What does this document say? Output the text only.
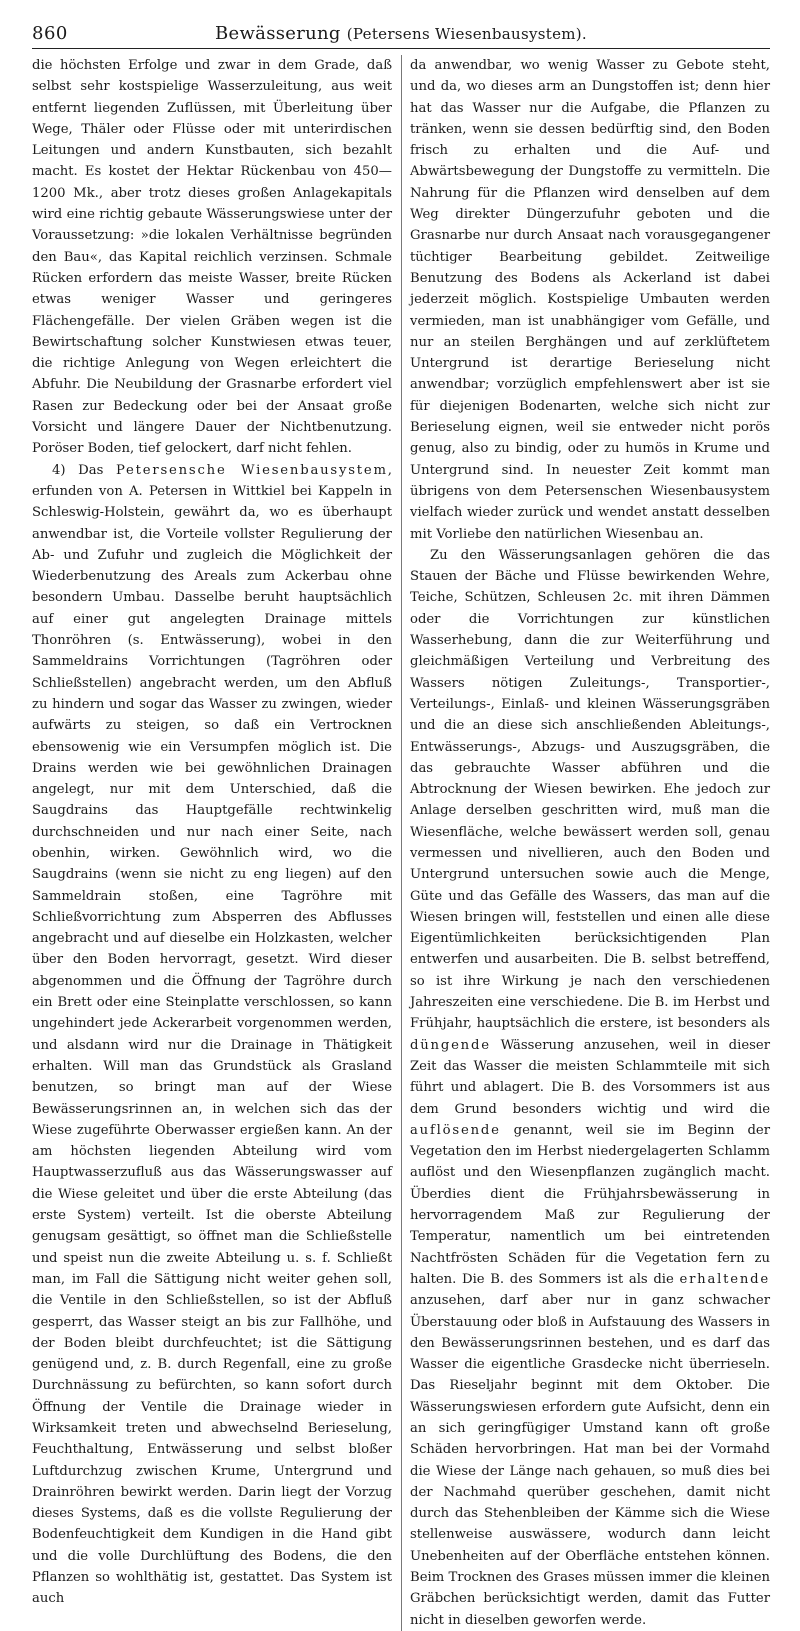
860	Bewässerung (Petersens Wiesenbausystem).

die höchsten Erfolge und zwar in dem Grade, daß selbst sehr kostspielige Wasserzuleitung, aus weit entfernt liegenden Zuflüssen, mit Überleitung über Wege, Thäler oder Flüsse oder mit unterirdischen Leitungen und andern Kunstbauten, sich bezahlt macht. Es kostet der Hektar Rückenbau von 450—1200 Mk., aber trotz dieses großen Anlagekapitals wird eine richtig gebaute Wässerungswiese unter der Voraussetzung: »die lokalen Verhältnisse begründen den Bau«, das Kapital reichlich verzinsen. Schmale Rücken erfordern das meiste Wasser, breite Rücken etwas weniger Wasser und geringeres Flächengefälle. Der vielen Gräben wegen ist die Bewirtschaftung solcher Kunstwiesen etwas teuer, die richtige Anlegung von Wegen erleichtert die Abfuhr. Die Neubildung der Grasnarbe erfordert viel Rasen zur Bedeckung oder bei der Ansaat große Vorsicht und längere Dauer der Nichtbenutzung. Poröser Boden, tief gelockert, darf nicht fehlen.

4) Das Petersensche Wiesenbausystem, erfunden von A. Petersen in Wittkiel bei Kappeln in Schleswig-Holstein, gewährt da, wo es überhaupt anwendbar ist, die Vorteile vollster Regulierung der Ab- und Zufuhr und zugleich die Möglichkeit der Wiederbenutzung des Areals zum Ackerbau ohne besondern Umbau. Dasselbe beruht hauptsächlich auf einer gut angelegten Drainage mittels Thonröhren (s. Entwässerung), wobei in den Sammeldrains Vorrichtungen (Tagröhren oder Schließstellen) angebracht werden, um den Abfluß zu hindern und sogar das Wasser zu zwingen, wieder aufwärts zu steigen, so daß ein Vertrocknen ebensowenig wie ein Versumpfen möglich ist. Die Drains werden wie bei gewöhnlichen Drainagen angelegt, nur mit dem Unterschied, daß die Saugdrains das Hauptgefälle rechtwinkelig durchschneiden und nur nach einer Seite, nach obenhin, wirken. Gewöhnlich wird, wo die Saugdrains (wenn sie nicht zu eng liegen) auf den Sammeldrain stoßen, eine Tagröhre mit Schließvorrichtung zum Absperren des Abflusses angebracht und auf dieselbe ein Holzkasten, welcher über den Boden hervorragt, gesetzt. Wird dieser abgenommen und die Öffnung der Tagröhre durch ein Brett oder eine Steinplatte verschlossen, so kann ungehindert jede Ackerarbeit vorgenommen werden, und alsdann wird nur die Drainage in Thätigkeit erhalten. Will man das Grundstück als Grasland benutzen, so bringt man auf der Wiese Bewässerungsrinnen an, in welchen sich das der Wiese zugeführte Oberwasser ergießen kann. An der am höchsten liegenden Abteilung wird vom Hauptwasserzufluß aus das Wässerungswasser auf die Wiese geleitet und über die erste Abteilung (das erste System) verteilt. Ist die oberste Abteilung genugsam gesättigt, so öffnet man die Schließstelle und speist nun die zweite Abteilung u. s. f. Schließt man, im Fall die Sättigung nicht weiter gehen soll, die Ventile in den Schließstellen, so ist der Abfluß gesperrt, das Wasser steigt an bis zur Fallhöhe, und der Boden bleibt durchfeuchtet; ist die Sättigung genügend und, z. B. durch Regenfall, eine zu große Durchnässung zu befürchten, so kann sofort durch Öffnung der Ventile die Drainage wieder in Wirksamkeit treten und abwechselnd Berieselung, Feuchthaltung, Entwässerung und selbst bloßer Luftdurchzug zwischen Krume, Untergrund und Drainröhren bewirkt werden. Darin liegt der Vorzug dieses Systems, daß es die vollste Regulierung der Bodenfeuchtigkeit dem Kundigen in die Hand gibt und die volle Durchlüftung des Bodens, die den Pflanzen so wohlthätig ist, gestattet. Das System ist auch

da anwendbar, wo wenig Wasser zu Gebote steht, und da, wo dieses arm an Dungstoffen ist; denn hier hat das Wasser nur die Aufgabe, die Pflanzen zu tränken, wenn sie dessen bedürftig sind, den Boden frisch zu erhalten und die Auf- und Abwärtsbewegung der Dungstoffe zu vermitteln. Die Nahrung für die Pflanzen wird denselben auf dem Weg direkter Düngerzufuhr geboten und die Grasnarbe nur durch Ansaat nach vorausgegangener tüchtiger Bearbeitung gebildet. Zeitweilige Benutzung des Bodens als Ackerland ist dabei jederzeit möglich. Kostspielige Umbauten werden vermieden, man ist unabhängiger vom Gefälle, und nur an steilen Berghängen und auf zerklüftetem Untergrund ist derartige Berieselung nicht anwendbar; vorzüglich empfehlenswert aber ist sie für diejenigen Bodenarten, welche sich nicht zur Berieselung eignen, weil sie entweder nicht porös genug, also zu bindig, oder zu humös in Krume und Untergrund sind. In neuester Zeit kommt man übrigens von dem Petersenschen Wiesenbausystem vielfach wieder zurück und wendet anstatt desselben mit Vorliebe den natürlichen Wiesenbau an.

Zu den Wässerungsanlagen gehören die das Stauen der Bäche und Flüsse bewirkenden Wehre, Teiche, Schützen, Schleusen 2c. mit ihren Dämmen oder die Vorrichtungen zur künstlichen Wasserhebung, dann die zur Weiterführung und gleichmäßigen Verteilung und Verbreitung des Wassers nötigen Zuleitungs-, Transportier-, Verteilungs-, Einlaß- und kleinen Wässerungsgräben und die an diese sich anschließenden Ableitungs-, Entwässerungs-, Abzugs- und Auszugsgräben, die das gebrauchte Wasser abführen und die Abtrocknung der Wiesen bewirken. Ehe jedoch zur Anlage derselben geschritten wird, muß man die Wiesenfläche, welche bewässert werden soll, genau vermessen und nivellieren, auch den Boden und Untergrund untersuchen sowie auch die Menge, Güte und das Gefälle des Wassers, das man auf die Wiesen bringen will, feststellen und einen alle diese Eigentümlichkeiten berücksichtigenden Plan entwerfen und ausarbeiten. Die B. selbst betreffend, so ist ihre Wirkung je nach den verschiedenen Jahreszeiten eine verschiedene. Die B. im Herbst und Frühjahr, hauptsächlich die erstere, ist besonders als düngende Wässerung anzusehen, weil in dieser Zeit das Wasser die meisten Schlammteile mit sich führt und ablagert. Die B. des Vorsommers ist aus dem Grund besonders wichtig und wird die auflösende genannt, weil sie im Beginn der Vegetation den im Herbst niedergelagerten Schlamm auflöst und den Wiesenpflanzen zugänglich macht. Überdies dient die Frühjahrsbewässerung in hervorragendem Maß zur Regulierung der Temperatur, namentlich um bei eintretenden Nachtfrösten Schäden für die Vegetation fern zu halten. Die B. des Sommers ist als die erhaltende anzusehen, darf aber nur in ganz schwacher Überstauung oder bloß in Aufstauung des Wassers in den Bewässerungsrinnen bestehen, und es darf das Wasser die eigentliche Grasdecke nicht überrieseln. Das Rieseljahr beginnt mit dem Oktober. Die Wässerungswiesen erfordern gute Aufsicht, denn ein an sich geringfügiger Umstand kann oft große Schäden hervorbringen. Hat man bei der Vormahd die Wiese der Länge nach gehauen, so muß dies bei der Nachmahd querüber geschehen, damit nicht durch das Stehenbleiben der Kämme sich die Wiese stellenweise auswässere, wodurch dann leicht Unebenheiten auf der Oberfläche entstehen können. Beim Trocknen des Grases müssen immer die kleinen Gräbchen berücksichtigt werden, damit das Futter nicht in dieselben geworfen werde.
